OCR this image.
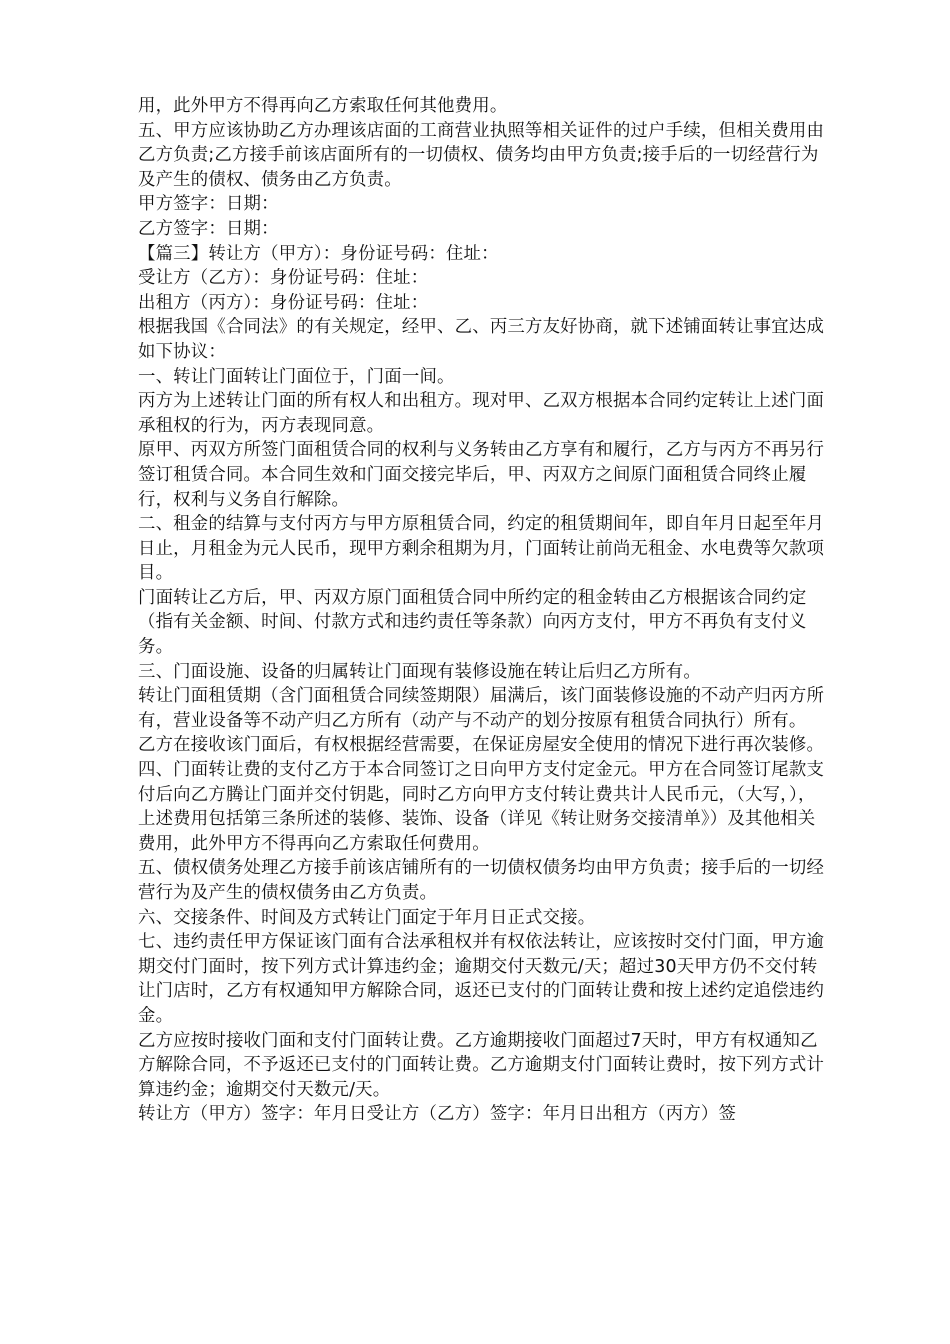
用，此外甲方不得再向乙方索取任何其他费用。

五、甲方应该协助乙方办理该店面的工商营业执照等相关证件的过户手续，但相关费用由乙方负责;乙方接手前该店面所有的一切债权、债务均由甲方负责;接手后的一切经营行为及产生的债权、债务由乙方负责。

甲方签字：日期：

乙方签字：日期：

【篇三】转让方（甲方）：身份证号码：住址：

受让方（乙方）：身份证号码：住址：

出租方（丙方）：身份证号码：住址：

根据我国《合同法》的有关规定，经甲、乙、丙三方友好协商，就下述铺面转让事宜达成如下协议：

一、转让门面转让门面位于，门面一间。

丙方为上述转让门面的所有权人和出租方。现对甲、乙双方根据本合同约定转让上述门面承租权的行为，丙方表现同意。

原甲、丙双方所签门面租赁合同的权利与义务转由乙方享有和履行，乙方与丙方不再另行签订租赁合同。本合同生效和门面交接完毕后，甲、丙双方之间原门面租赁合同终止履行，权利与义务自行解除。

二、租金的结算与支付丙方与甲方原租赁合同，约定的租赁期间年，即自年月日起至年月日止，月租金为元人民币，现甲方剩余租期为月，门面转让前尚无租金、水电费等欠款项目。

门面转让乙方后，甲、丙双方原门面租赁合同中所约定的租金转由乙方根据该合同约定（指有关金额、时间、付款方式和违约责任等条款）向丙方支付，甲方不再负有支付义务。

三、门面设施、设备的归属转让门面现有装修设施在转让后归乙方所有。

转让门面租赁期（含门面租赁合同续签期限）届满后，该门面装修设施的不动产归丙方所有，营业设备等不动产归乙方所有（动产与不动产的划分按原有租赁合同执行）所有。

乙方在接收该门面后，有权根据经营需要，在保证房屋安全使用的情况下进行再次装修。

四、门面转让费的支付乙方于本合同签订之日向甲方支付定金元。甲方在合同签订尾款支付后向乙方腾让门面并交付钥匙，同时乙方向甲方支付转让费共计人民币元，（大写，），上述费用包括第三条所述的装修、装饰、设备（详见《转让财务交接清单》）及其他相关费用，此外甲方不得再向乙方索取任何费用。

五、债权债务处理乙方接手前该店铺所有的一切债权债务均由甲方负责；接手后的一切经营行为及产生的债权债务由乙方负责。

六、交接条件、时间及方式转让门面定于年月日正式交接。

七、违约责任甲方保证该门面有合法承租权并有权依法转让，应该按时交付门面，甲方逾期交付门面时，按下列方式计算违约金；逾期交付天数元/天；超过30天甲方仍不交付转让门店时，乙方有权通知甲方解除合同，返还已支付的门面转让费和按上述约定追偿违约金。

乙方应按时接收门面和支付门面转让费。乙方逾期接收门面超过7天时，甲方有权通知乙方解除合同，不予返还已支付的门面转让费。乙方逾期支付门面转让费时，按下列方式计算违约金；逾期交付天数元/天。

转让方（甲方）签字：年月日受让方（乙方）签字：年月日出租方（丙方）签
